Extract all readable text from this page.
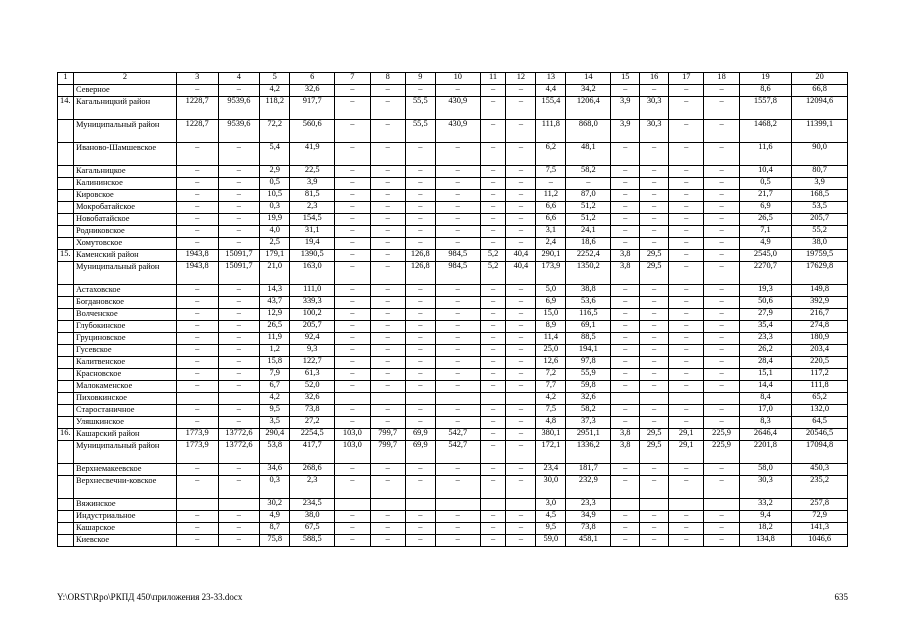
1	2	3	4	5	6	7	8	9	10	11	12	13	14	15	16	17	18	19	20
	Северное	–	–	4,2	32,6	–	–	–	–	–	–	4,4	34,2	–	–	–	–	8,6	66,8
14.	Кагальницкий район	1228,7	9539,6	118,2	917,7	–	–	55,5	430,9	–	–	155,4	1206,4	3,9	30,3	–	–	1557,8	12094,6
	Муниципальный район	1228,7	9539,6	72,2	560,6	–	–	55,5	430,9	–	–	111,8	868,0	3,9	30,3	–	–	1468,2	11399,1
	Иваново-Шамшевское	–	–	5,4	41,9	–	–	–	–	–	–	6,2	48,1	–	–	–	–	11,6	90,0
	Кагальницкое	–	–	2,9	22,5	–	–	–	–	–	–	7,5	58,2	–	–	–	–	10,4	80,7
	Калининское	–	–	0,5	3,9	–	–	–	–	–	–	–	–	–	–	–	–	0,5	3,9
	Кировское	–	–	10,5	81,5	–	–	–	–	–	–	11,2	87,0	–	–	–	–	21,7	168,5
	Мокробатайское	–	–	0,3	2,3	–	–	–	–	–	–	6,6	51,2	–	–	–	–	6,9	53,5
	Новобатайское	–	–	19,9	154,5	–	–	–	–	–	–	6,6	51,2	–	–	–	–	26,5	205,7
	Родниковское	–	–	4,0	31,1	–	–	–	–	–	–	3,1	24,1	–	–	–	–	7,1	55,2
	Хомутовское	–	–	2,5	19,4	–	–	–	–	–	–	2,4	18,6	–	–	–	–	4,9	38,0
15.	Каменский район	1943,8	15091,7	179,1	1390,5	–	–	126,8	984,5	5,2	40,4	290,1	2252,4	3,8	29,5	–	–	2545,0	19759,5
	Муниципальный район	1943,8	15091,7	21,0	163,0	–	–	126,8	984,5	5,2	40,4	173,9	1350,2	3,8	29,5	–	–	2270,7	17629,8
	Астаховское	–	–	14,3	111,0	–	–	–	–	–	–	5,0	38,8	–	–	–	–	19,3	149,8
	Богдановское	–	–	43,7	339,3	–	–	–	–	–	–	6,9	53,6	–	–	–	–	50,6	392,9
	Волченское	–	–	12,9	100,2	–	–	–	–	–	–	15,0	116,5	–	–	–	–	27,9	216,7
	Глубокинское	–	–	26,5	205,7	–	–	–	–	–	–	8,9	69,1	–	–	–	–	35,4	274,8
	Груциновское	–	–	11,9	92,4	–	–	–	–	–	–	11,4	88,5	–	–	–	–	23,3	180,9
	Гусевское	–	–	1,2	9,3	–	–	–	–	–	–	25,0	194,1	–	–	–	–	26,2	203,4
	Калитвенское	–	–	15,8	122,7	–	–	–	–	–	–	12,6	97,8	–	–	–	–	28,4	220,5
	Красновское	–	–	7,9	61,3	–	–	–	–	–	–	7,2	55,9	–	–	–	–	15,1	117,2
	Малокаменское	–	–	6,7	52,0	–	–	–	–	–	–	7,7	59,8	–	–	–	–	14,4	111,8
	Пиховкинское			4,2	32,6							4,2	32,6					8,4	65,2
	Старостаничное	–	–	9,5	73,8	–	–	–	–	–	–	7,5	58,2	–	–	–	–	17,0	132,0
	Уляшкинское	–	–	3,5	27,2	–	–	–	–	–	–	4,8	37,3	–	–	–	–	8,3	64,5
16.	Кашарский район	1773,9	13772,6	290,4	2254,5	103,0	799,7	69,9	542,7	–	–	380,1	2951,1	3,8	29,5	29,1	225,9	2646,4	20546,5
	Муниципальный район	1773,9	13772,6	53,8	417,7	103,0	799,7	69,9	542,7	–	–	172,1	1336,2	3,8	29,5	29,1	225,9	2201,8	17094,8
	Верхнемакеевское	–	–	34,6	268,6	–	–	–	–	–	–	23,4	181,7	–	–	–	–	58,0	450,3
	Верхнесвечни-ковское	–	–	0,3	2,3	–	–	–	–	–	–	30,0	232,9	–	–	–	–	30,3	235,2
	Вяжинское			30,2	234,5							3,0	23,3					33,2	257,8
	Индустриальное	–	–	4,9	38,0	–	–	–	–	–	–	4,5	34,9	–	–	–	–	9,4	72,9
	Кашарское	–	–	8,7	67,5	–	–	–	–	–	–	9,5	73,8	–	–	–	–	18,2	141,3
	Киевское	–	–	75,8	588,5	–	–	–	–	–	–	59,0	458,1	–	–	–	–	134,8	1046,6
Y:\ORST\Rpo\РКПД 450\приложения 23-33.docx	635
